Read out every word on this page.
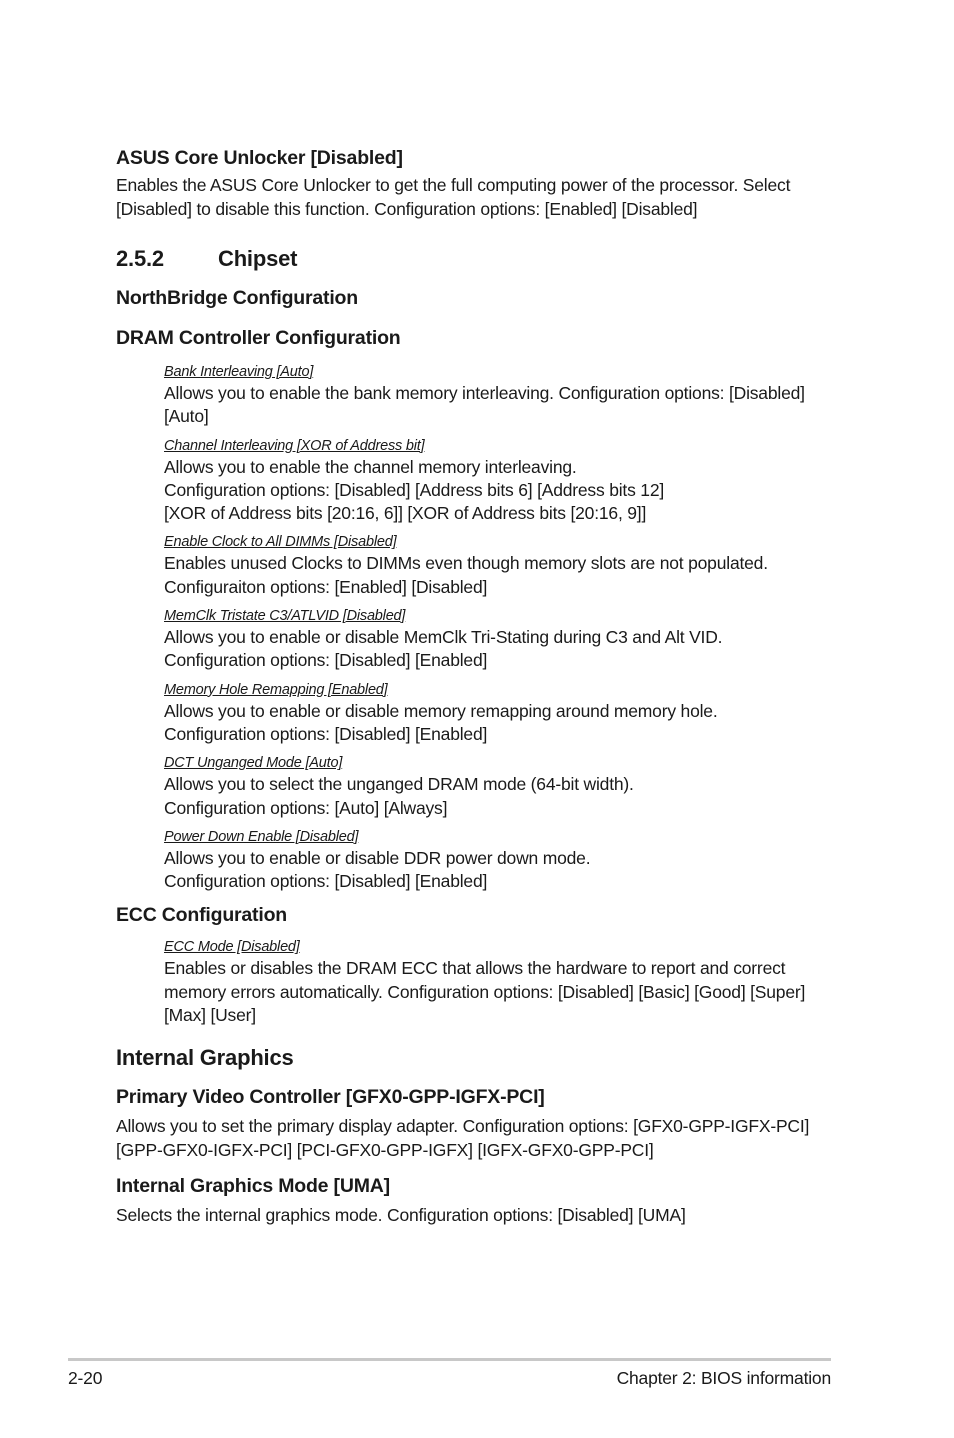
ASUS Core Unlocker [Disabled]
Enables the ASUS Core Unlocker to get the full computing power of the processor. Select [Disabled] to disable this function. Configuration options: [Enabled] [Disabled]
2.5.2	Chipset
NorthBridge Configuration
DRAM Controller Configuration
Bank Interleaving [Auto]
Allows you to enable the bank memory interleaving. Configuration options: [Disabled]
[Auto]
Channel Interleaving [XOR of Address bit]
Allows you to enable the channel memory interleaving.
Configuration options: [Disabled] [Address bits 6] [Address bits 12]
[XOR of Address bits [20:16, 6]] [XOR of Address bits [20:16, 9]]
Enable Clock to All DIMMs [Disabled]
Enables unused Clocks to DIMMs even though memory slots are not populated.
Configuraiton options: [Enabled] [Disabled]
MemClk Tristate C3/ATLVID [Disabled]
Allows you to enable or disable MemClk Tri-Stating during C3 and Alt VID.
Configuration options: [Disabled] [Enabled]
Memory Hole Remapping [Enabled]
Allows you to enable or disable memory remapping around memory hole.
Configuration options: [Disabled] [Enabled]
DCT Unganged Mode [Auto]
Allows you to select the unganged DRAM mode (64-bit width).
Configuration options: [Auto] [Always]
Power Down Enable [Disabled]
Allows you to enable or disable DDR power down mode.
Configuration options: [Disabled] [Enabled]
ECC Configuration
ECC Mode [Disabled]
Enables or disables the DRAM ECC that allows the hardware to report and correct
memory errors automatically. Configuration options: [Disabled] [Basic] [Good] [Super]
[Max] [User]
Internal Graphics
Primary Video Controller [GFX0-GPP-IGFX-PCI]
Allows you to set the primary display adapter. Configuration options: [GFX0-GPP-IGFX-PCI]
[GPP-GFX0-IGFX-PCI] [PCI-GFX0-GPP-IGFX] [IGFX-GFX0-GPP-PCI]
Internal Graphics Mode [UMA]
Selects the internal graphics mode. Configuration options: [Disabled] [UMA]
2-20	Chapter 2: BIOS information
